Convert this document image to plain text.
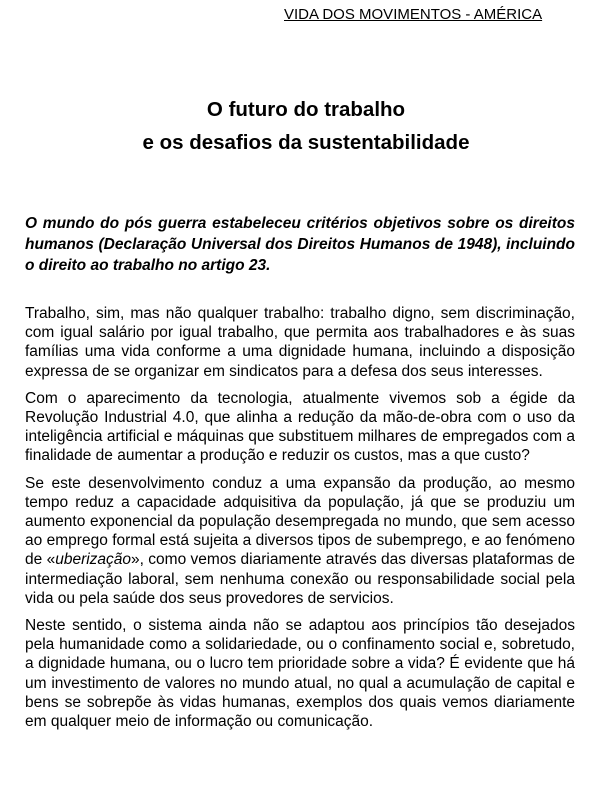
VIDA DOS MOVIMENTOS - AMÉRICA
O futuro do trabalho
e os desafios da sustentabilidade

O mundo do pós guerra estabeleceu critérios objetivos sobre os direitos humanos (Declaração Universal dos Direitos Humanos de 1948), incluindo o direito ao trabalho no artigo 23.

Trabalho, sim, mas não qualquer trabalho: trabalho digno, sem discriminação, com igual salário por igual trabalho, que permita aos trabalhadores e às suas famílias uma vida conforme a uma dignidade humana, incluindo a disposição expressa de se organizar em sindicatos para a defesa dos seus interesses.

Com o aparecimento da tecnologia, atualmente vivemos sob a égide da Revolução Industrial 4.0, que alinha a redução da mão-de-obra com o uso da inteligência artificial e máquinas que substituem milhares de empregados com a finalidade de aumentar a produção e reduzir os custos, mas a que custo?

Se este desenvolvimento conduz a uma expansão da produção, ao mesmo tempo reduz a capacidade adquisitiva da população, já que se produziu um aumento exponencial da população desempregada no mundo, que sem acesso ao emprego formal está sujeita a diversos tipos de subemprego, e ao fenómeno de «uberização», como vemos diariamente através das diversas plataformas de intermediação laboral, sem nenhuma conexão ou responsabilidade social pela vida ou pela saúde dos seus provedores de servicios.

Neste sentido, o sistema ainda não se adaptou aos princípios tão desejados pela humanidade como a solidariedade, ou o confinamento social e, sobretudo, a dignidade humana, ou o lucro tem prioridade sobre a vida? É evidente que há um investimento de valores no mundo atual, no qual a acumulação de capital e bens se sobrepõe às vidas humanas, exemplos dos quais vemos diariamente em qualquer meio de informação ou comunicação.
